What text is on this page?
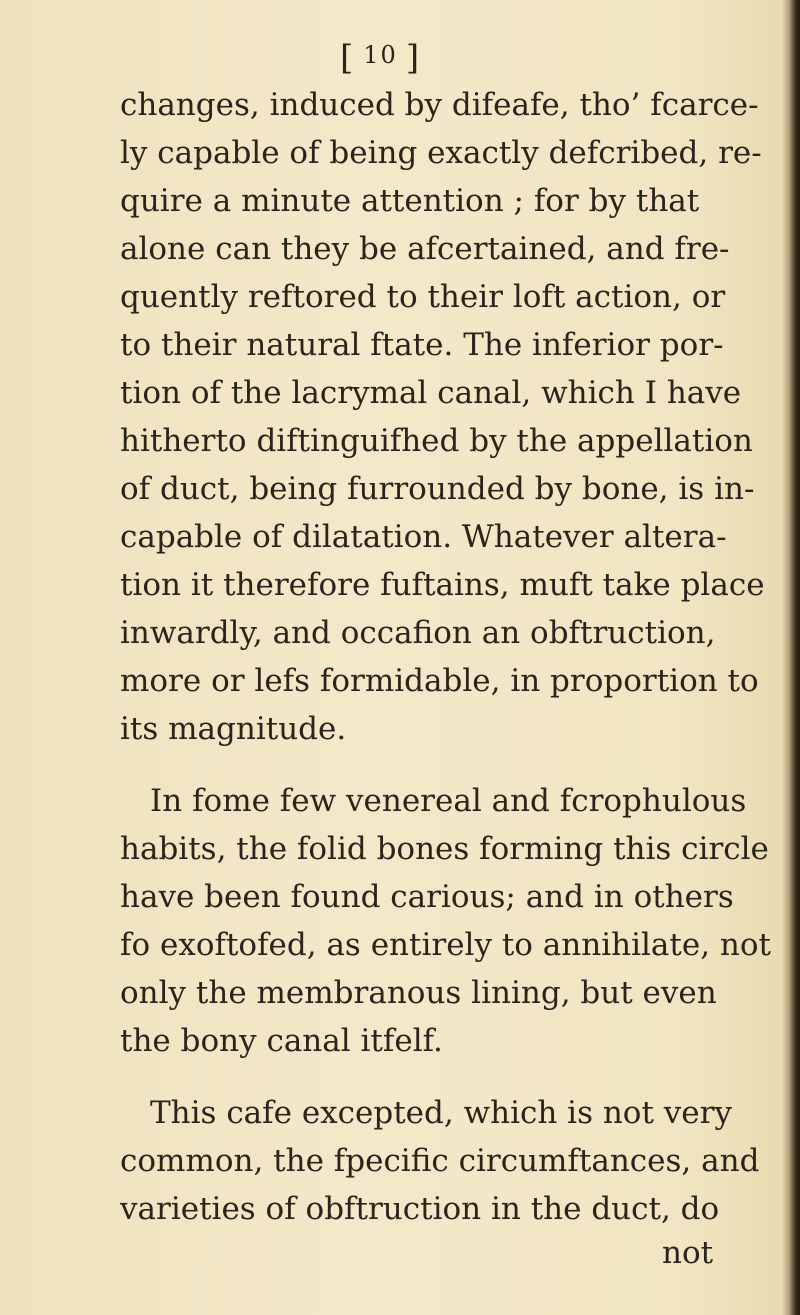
[ 10 ]
changes, induced by difeafe, tho’ fcarce-
ly capable of being exactly defcribed, re-
quire a minute attention ; for by that
alone can they be afcertained, and fre-
quently reftored to their loft action, or
to their natural ftate. The inferior por-
tion of the lacrymal canal, which I have
hitherto diftinguifhed by the appellation
of duct, being furrounded by bone, is in-
capable of dilatation. Whatever altera-
tion it therefore fuftains, muft take place
inwardly, and occafion an obftruction,
more or lefs formidable, in proportion to
its magnitude.
In fome few venereal and fcrophulous
habits, the folid bones forming this circle
have been found carious; and in others
fo exoftofed, as entirely to annihilate, not
only the membranous lining, but even
the bony canal itfelf.
This cafe excepted, which is not very
common, the fpecific circumftances, and
varieties of obftruction in the duct, do
not
